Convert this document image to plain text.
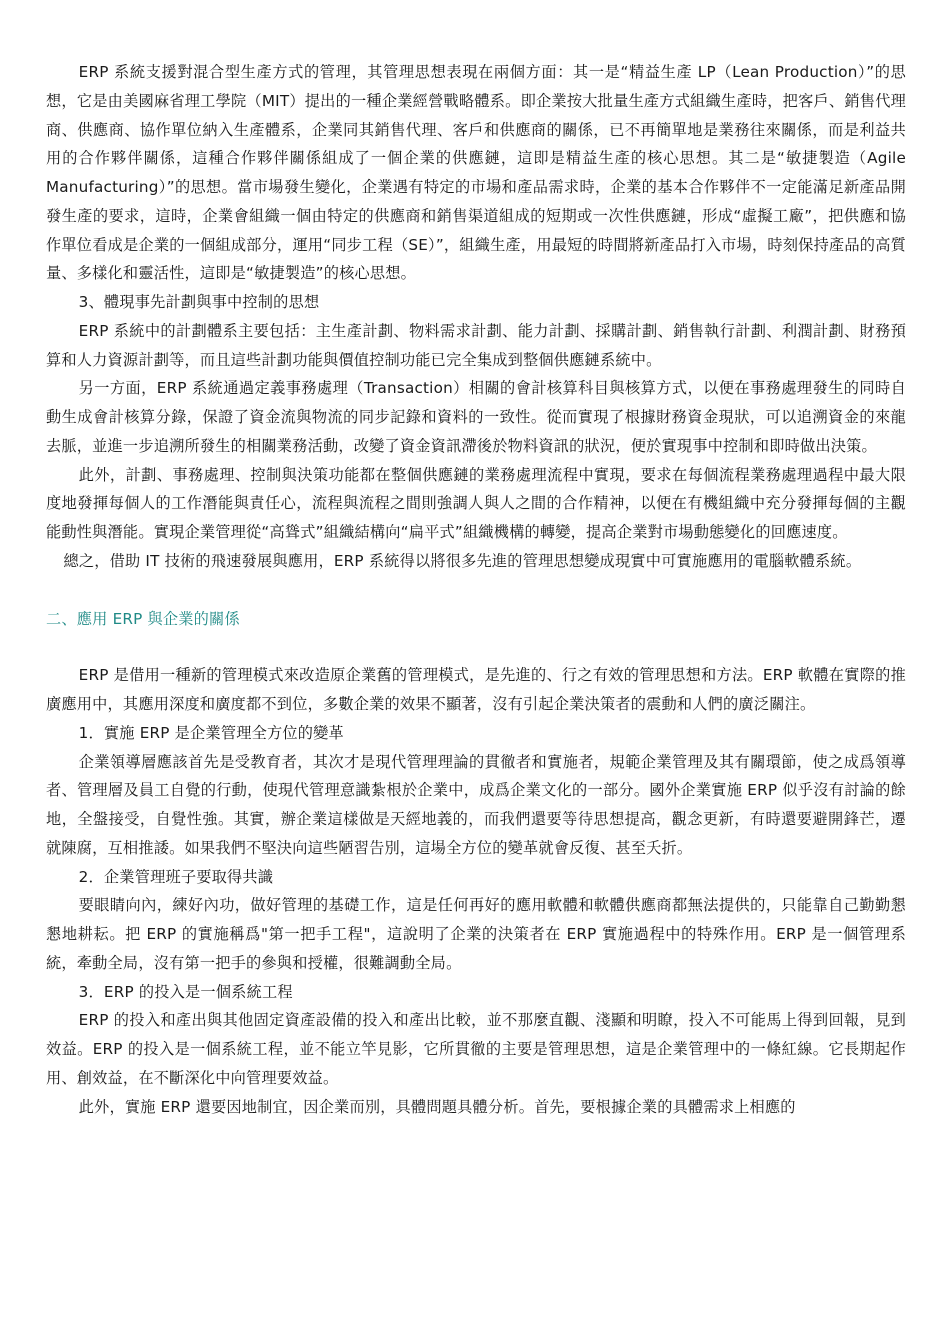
ERP 系統支援對混合型生產方式的管理，其管理思想表現在兩個方面：其一是“精益生產 LP（Lean Production）”的思想，它是由美國麻省理工學院（MIT）提出的一種企業經營戰略體系。即企業按大批量生產方式組織生產時，把客戶、銷售代理商、供應商、協作單位納入生產體系，企業同其銷售代理、客戶和供應商的關係，已不再簡單地是業務往來關係，而是利益共用的合作夥伴關係，這種合作夥伴關係組成了一個企業的供應鏈，這即是精益生產的核心思想。其二是“敏捷製造（Agile Manufacturing）”的思想。當市場發生變化，企業遇有特定的市場和產品需求時，企業的基本合作夥伴不一定能滿足新產品開發生產的要求，這時，企業會組織一個由特定的供應商和銷售渠道組成的短期或一次性供應鏈，形成“虛擬工廠”，把供應和協作單位看成是企業的一個組成部分，運用“同步工程（SE）”，組織生產，用最短的時間將新產品打入市場，時刻保持產品的高質量、多樣化和靈活性，這即是“敏捷製造”的核心思想。

3、體現事先計劃與事中控制的思想

ERP 系統中的計劃體系主要包括：主生產計劃、物料需求計劃、能力計劃、採購計劃、銷售執行計劃、利潤計劃、財務預算和人力資源計劃等，而且這些計劃功能與價值控制功能已完全集成到整個供應鏈系統中。

另一方面，ERP 系統通過定義事務處理（Transaction）相關的會計核算科目與核算方式，以便在事務處理發生的同時自動生成會計核算分錄，保證了資金流與物流的同步記錄和資料的一致性。從而實現了根據財務資金現狀，可以追溯資金的來龍去脈，並進一步追溯所發生的相關業務活動，改變了資金資訊滯後於物料資訊的狀況，便於實現事中控制和即時做出決策。

此外，計劃、事務處理、控制與決策功能都在整個供應鏈的業務處理流程中實現，要求在每個流程業務處理過程中最大限度地發揮每個人的工作潛能與責任心，流程與流程之間則強調人與人之間的合作精神，以便在有機組織中充分發揮每個的主觀能動性與潛能。實現企業管理從“高聳式”組織結構向“扁平式”組織機構的轉變，提高企業對市場動態變化的回應速度。

總之，借助 IT 技術的飛速發展與應用，ERP 系統得以將很多先進的管理思想變成現實中可實施應用的電腦軟體系統。

二、應用 ERP 與企業的關係

ERP 是借用一種新的管理模式來改造原企業舊的管理模式，是先進的、行之有效的管理思想和方法。ERP 軟體在實際的推廣應用中，其應用深度和廣度都不到位，多數企業的效果不顯著，沒有引起企業決策者的震動和人們的廣泛關注。

1．實施 ERP 是企業管理全方位的變革

企業領導層應該首先是受教育者，其次才是現代管理理論的貫徹者和實施者，規範企業管理及其有關環節，使之成爲領導者、管理層及員工自覺的行動，使現代管理意識紮根於企業中，成爲企業文化的一部分。國外企業實施 ERP 似乎沒有討論的餘地，全盤接受，自覺性強。其實，辦企業這樣做是天經地義的，而我們還要等待思想提高，觀念更新，有時還要避開鋒芒，遷就陳腐，互相推諉。如果我們不堅決向這些陋習告別，這場全方位的變革就會反復、甚至夭折。

2．企業管理班子要取得共識

要眼睛向內，練好內功，做好管理的基礎工作，這是任何再好的應用軟體和軟體供應商都無法提供的，只能靠自己勤勤懇懇地耕耘。把 ERP 的實施稱爲"第一把手工程"，這說明了企業的決策者在 ERP 實施過程中的特殊作用。ERP 是一個管理系統，牽動全局，沒有第一把手的參與和授權，很難調動全局。

3．ERP 的投入是一個系統工程

ERP 的投入和產出與其他固定資產設備的投入和產出比較，並不那麼直觀、淺顯和明瞭，投入不可能馬上得到回報，見到效益。ERP 的投入是一個系統工程，並不能立竿見影，它所貫徹的主要是管理思想，這是企業管理中的一條紅線。它長期起作用、創效益，在不斷深化中向管理要效益。

此外，實施 ERP 還要因地制宜，因企業而別，具體問題具體分析。首先，要根據企業的具體需求上相應的
